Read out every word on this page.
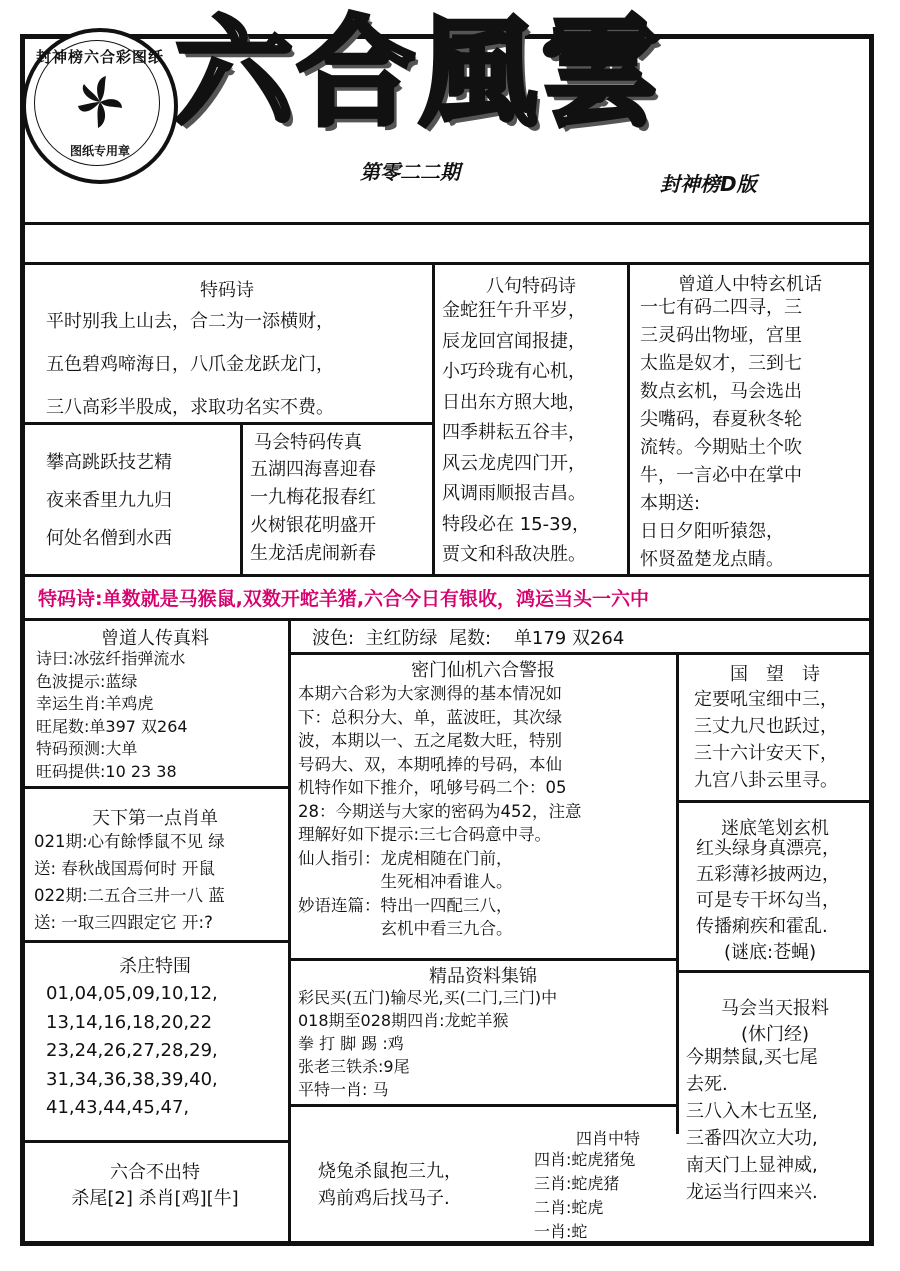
封神榜六合彩图纸
图纸专用章
六合風雲
第零二二期	封神榜D版
特码诗
平时别我上山去，合二为一添横财，
五色碧鸡啼海日，八爪金龙跃龙门，
三八高彩半股成，求取功名实不费。
攀高跳跃技艺精
夜来香里九九归
何处名僧到水西
马会特码传真
五湖四海喜迎春
一九梅花报春红
火树银花明盛开
生龙活虎闹新春
八句特码诗
金蛇狂午升平岁，
辰龙回宫闻报捷，
小巧玲珑有心机，
日出东方照大地，
四季耕耘五谷丰，
风云龙虎四门开，
风调雨顺报吉昌。
特段必在 15-39，
贾文和科敌决胜。
曾道人中特玄机话
一七有码二四寻，三
三灵码出物垭，宫里
太监是奴才，三到七
数点玄机，马会选出
尖嘴码，春夏秋冬轮
流转。今期贴土个吹
牛，一言必中在掌中
本期送:
日日夕阳听猿怨，
怀贤盈楚龙点睛。
特码诗:单数就是马猴鼠,双数开蛇羊猪,六合今日有银收，鸿运当头一六中
曾道人传真料
诗曰:冰弦纤指弹流水
色波提示:蓝绿
幸运生肖:羊鸡虎
旺尾数:单397 双264
特码预测:大单
旺码提供:10 23 38
波色:  主红防绿  尾数:    单179 双264
密门仙机六合警报
本期六合彩为大家测得的基本情况如
下：总积分大、单，蓝波旺，其次绿
波，本期以一、五之尾数大旺，特别
号码大、双，本期吼捧的号码，本仙
机特作如下推介，吼够号码二个：05
28：今期送与大家的密码为452，注意
理解好如下提示:三七合码意中寻。
仙人指引：龙虎相随在门前，
　　　　　生死相冲看谁人。
妙语连篇：特出一四配三八，
　　　　　玄机中看三九合。
国　望　诗
定要吼宝细中三，
三丈九尺也跃过，
三十六计安天下，
九宫八卦云里寻。
天下第一点肖单
021期:心有餘悸鼠不见 绿
送: 春秋战国焉何时 开鼠
022期:二五合三井一八 蓝
送: 一取三四跟定它 开:?
迷底笔划玄机
红头绿身真漂亮，
五彩薄衫披两边，
可是专干坏勾当，
传播痢疾和霍乱.
(谜底:苍蝇)
杀庄特围
01,04,05,09,10,12,
13,14,16,18,20,22
23,24,26,27,28,29,
31,34,36,38,39,40,
41,43,44,45,47,
精品资料集锦
彩民买(五门)输尽光,买(二门,三门)中
018期至028期四肖:龙蛇羊猴
拳 打 脚 踢 :鸡
张老三铁杀:9尾
平特一肖: 马
马会当天报料
(休门经)
今期禁鼠,买七尾
去死.
三八入木七五坚,
三番四次立大功,
南天门上显神威,
龙运当行四来兴.
六合不出特
杀尾[2] 杀肖[鸡][牛]
烧兔杀鼠抱三九，
鸡前鸡后找马子.
四肖中特
四肖:蛇虎猪兔
三肖:蛇虎猪
二肖:蛇虎
一肖:蛇
